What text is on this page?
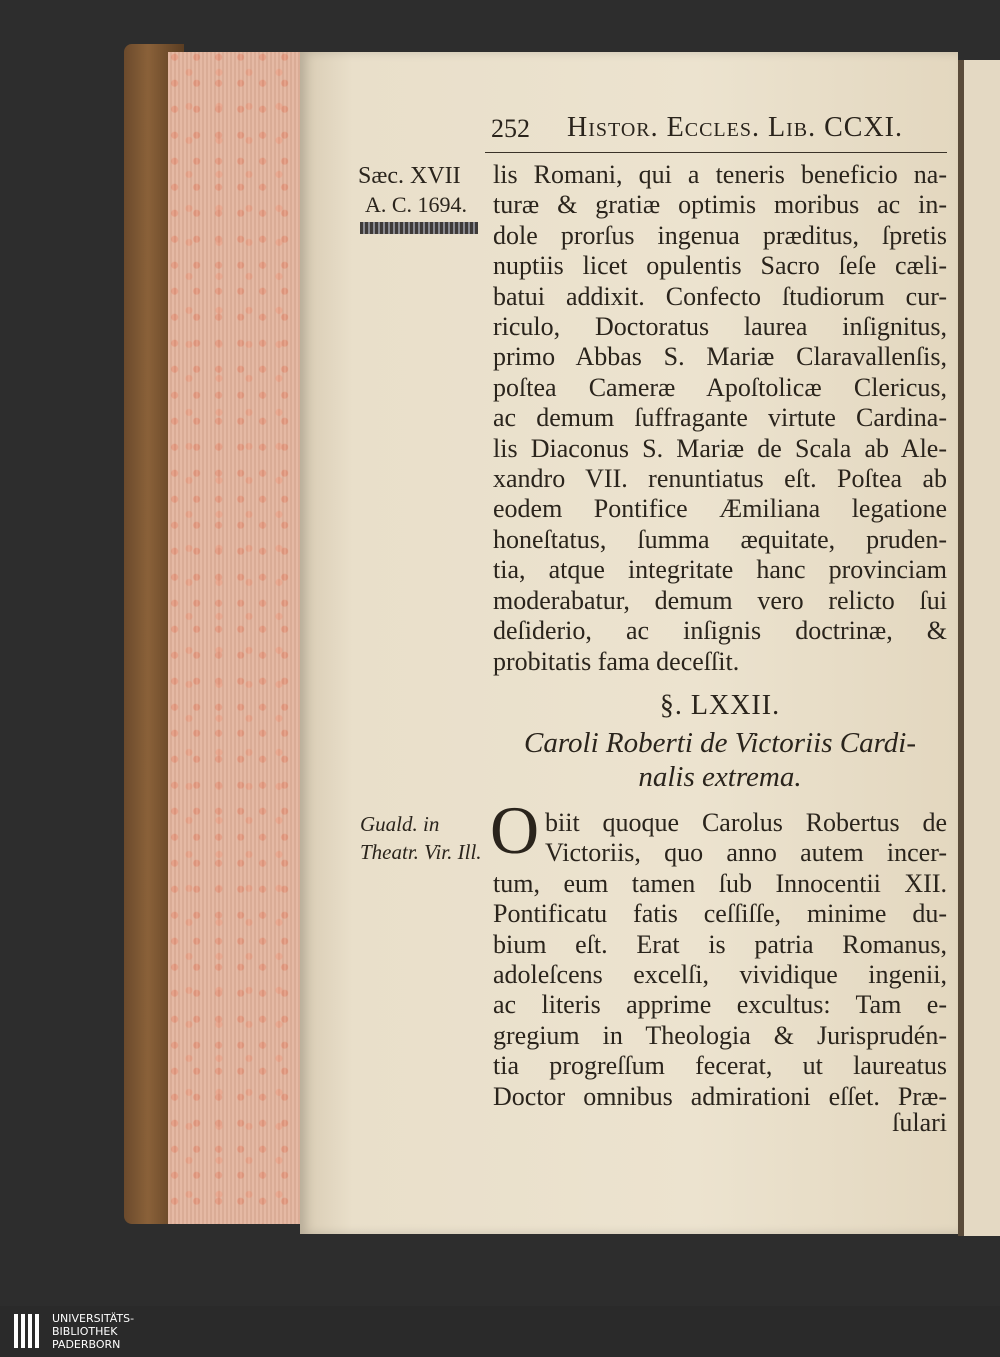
252 Histor. Eccles. Lib. CCXI.
Sæc. XVII
A. C. 1694.
lis Romani, qui a teneris beneficio na-
turæ & gratiæ optimis moribus ac in-
dole prorſus ingenua præditus, ſpretis
nuptiis licet opulentis Sacro ſeſe cæli-
batui addixit. Confecto ſtudiorum cur-
riculo, Doctoratus laurea inſignitus,
primo Abbas S. Mariæ Claravallenſis,
poſtea Cameræ Apoſtolicæ Clericus,
ac demum ſuffragante virtute Cardina-
lis Diaconus S. Mariæ de Scala ab Ale-
xandro VII. renuntiatus eſt. Poſtea ab
eodem Pontifice Æmiliana legatione
honeſtatus, ſumma æquitate, pruden-
tia, atque integritate hanc provinciam
moderabatur, demum vero relicto ſui
deſiderio, ac inſignis doctrinæ, &
probitatis fama deceſſit.
§. LXXII.
Caroli Roberti de Victoriis Cardi-
nalis extrema.
Guald. in Theatr. Vir. Ill. O biit quoque Carolus Robertus de
Victoriis, quo anno autem incer-
tum, eum tamen ſub Innocentii XII.
Pontificatu fatis ceſſiſſe, minime du-
bium eſt. Erat is patria Romanus,
adoleſcens excelſi, vividique ingenii,
ac literis apprime excultus: Tam e-
gregium in Theologia & Jurisprudén-
tia progreſſum fecerat, ut laureatus
Doctor omnibus admirationi eſſet. Præ-
ſulari
UNIVERSITÄTS-
BIBLIOTHEK
PADERBORN
